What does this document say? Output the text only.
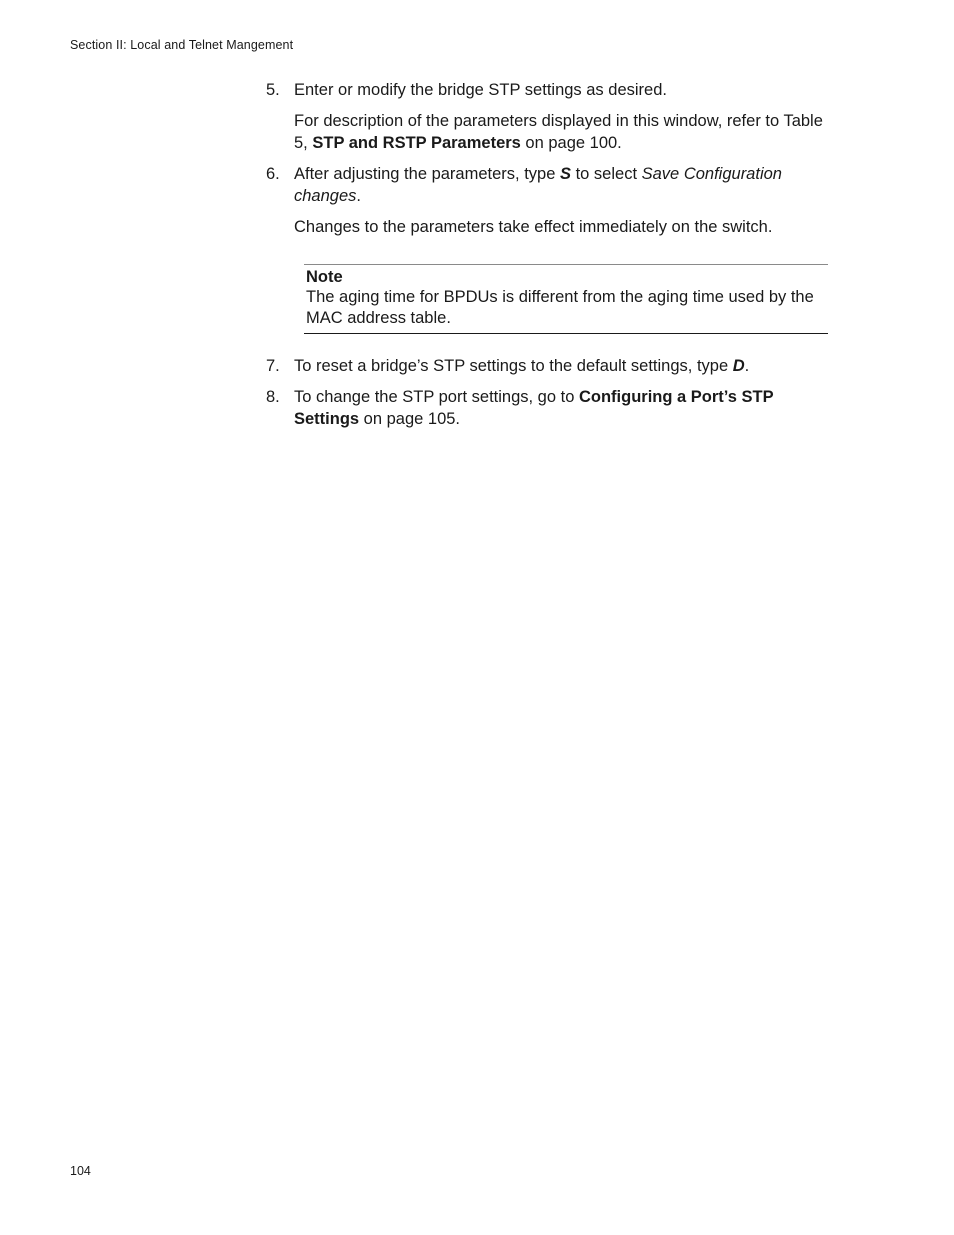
Section II: Local and Telnet Mangement
5. Enter or modify the bridge STP settings as desired.
For description of the parameters displayed in this window, refer to Table 5, STP and RSTP Parameters on page 100.
6. After adjusting the parameters, type S to select Save Configuration changes.
Changes to the parameters take effect immediately on the switch.
Note
The aging time for BPDUs is different from the aging time used by the MAC address table.
7. To reset a bridge’s STP settings to the default settings, type D.
8. To change the STP port settings, go to Configuring a Port’s STP Settings on page 105.
104
